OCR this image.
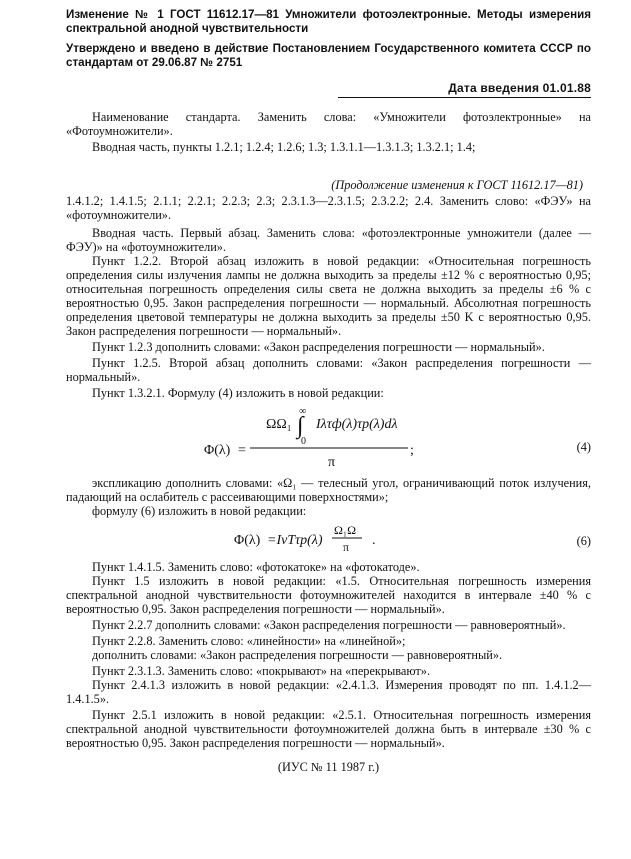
Изменение № 1 ГОСТ 11612.17—81 Умножители фотоэлектронные. Методы измерения спектральной анодной чувствительности

Утверждено и введено в действие Постановлением Государственного комитета СССР по стандартам от 29.06.87 № 2751

Дата введения 01.01.88

Наименование стандарта. Заменить слова: «Умножители фотоэлектронные» на «Фотоумножители».

Вводная часть, пункты 1.2.1; 1.2.4; 1.2.6; 1.3; 1.3.1.1—1.3.1.3; 1.3.2.1; 1.4;

(Продолжение изменения к ГОСТ 11612.17—81)

1.4.1.2; 1.4.1.5; 2.1.1; 2.2.1; 2.2.3; 2.3; 2.3.1.3—2.3.1.5; 2.3.2.2; 2.4. Заменить слово: «ФЭУ» на «фотоумножители».

Вводная часть. Первый абзац. Заменить слова: «фотоэлектронные умножители (далее — ФЭУ)» на «фотоумножители».

Пункт 1.2.2. Второй абзац изложить в новой редакции: «Относительная погрешность определения силы излучения лампы не должна выходить за пределы ±12 % с вероятностью 0,95; относительная погрешность определения силы света не должна выходить за пределы ±6 % с вероятностью 0,95. Закон распределения погрешности — нормальный. Абсолютная погрешность определения цветовой температуры не должна выходить за пределы ±50 K с вероятностью 0,95. Закон распределения погрешности — нормальный».

Пункт 1.2.3 дополнить словами: «Закон распределения погрешности — нормальный».

Пункт 1.2.5. Второй абзац дополнить словами: «Закон распределения погрешности — нормальный».

Пункт 1.3.2.1. Формулу (4) изложить в новой редакции:

Φ(λ) =
ΩΩ₁
∞
∫
0
Iλτф(λ)τр(λ)dλ
π
;	(4)

экспликацию дополнить словами: «Ω₁ — телесный угол, ограничивающий поток излучения, падающий на ослабитель с рассеивающими поверхностями»;

формулу (6) изложить в новой редакции:

Φ(λ) =IvTτр(λ)
Ω₁Ω
π .	(6)

Пункт 1.4.1.5. Заменить слово: «фотокатоке» на «фотокатоде».

Пункт 1.5 изложить в новой редакции: «1.5. Относительная погрешность измерения спектральной анодной чувствительности фотоумножителей находится в интервале ±40 % с вероятностью 0,95. Закон распределения погрешности — нормальный».

Пункт 2.2.7 дополнить словами: «Закон распределения погрешности — равновероятный».

Пункт 2.2.8. Заменить слово: «линейности» на «линейной»;

дополнить словами: «Закон распределения погрешности — равновероятный».

Пункт 2.3.1.3. Заменить слово: «покрывают» на «перекрывают».

Пункт 2.4.1.3 изложить в новой редакции: «2.4.1.3. Измерения проводят по пп. 1.4.1.2—1.4.1.5».

Пункт 2.5.1 изложить в новой редакции: «2.5.1. Относительная погрешность измерения спектральной анодной чувствительности фотоумножителей должна быть в интервале ±30 % с вероятностью 0,95. Закон распределения погрешности — нормальный».

(ИУС № 11 1987 г.)
